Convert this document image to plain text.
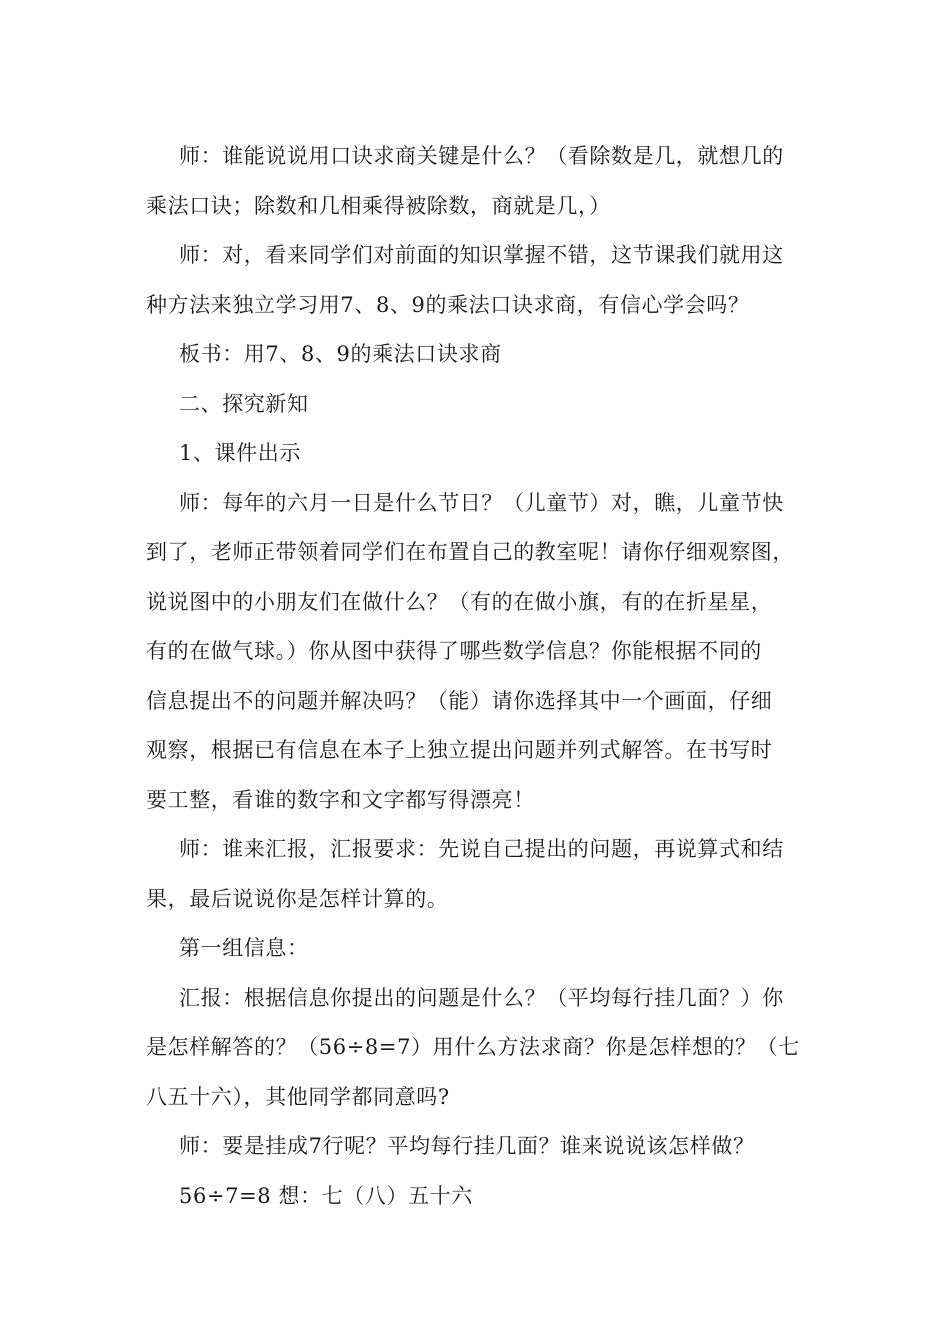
师：谁能说说用口诀求商关键是什么？（看除数是几，就想几的
乘法口诀；除数和几相乘得被除数，商就是几，）

师：对，看来同学们对前面的知识掌握不错，这节课我们就用这
种方法来独立学习用7、8、9的乘法口诀求商，有信心学会吗？

板书：用7、8、9的乘法口诀求商

二、探究新知

1、课件出示

师：每年的六月一日是什么节日？（儿童节）对，瞧，儿童节快
到了，老师正带领着同学们在布置自己的教室呢！请你仔细观察图，
说说图中的小朋友们在做什么？（有的在做小旗，有的在折星星，
有的在做气球。）你从图中获得了哪些数学信息？你能根据不同的
信息提出不的问题并解决吗？（能）请你选择其中一个画面，仔细
观察，根据已有信息在本子上独立提出问题并列式解答。在书写时
要工整，看谁的数字和文字都写得漂亮！

师：谁来汇报，汇报要求：先说自己提出的问题，再说算式和结
果，最后说说你是怎样计算的。

第一组信息：

汇报：根据信息你提出的问题是什么？（平均每行挂几面？）你
是怎样解答的？（56÷8=7）用什么方法求商？你是怎样想的？（七
八五十六），其他同学都同意吗?

师：要是挂成7行呢？平均每行挂几面？谁来说说该怎样做？

56÷7=8 想：七（八）五十六
